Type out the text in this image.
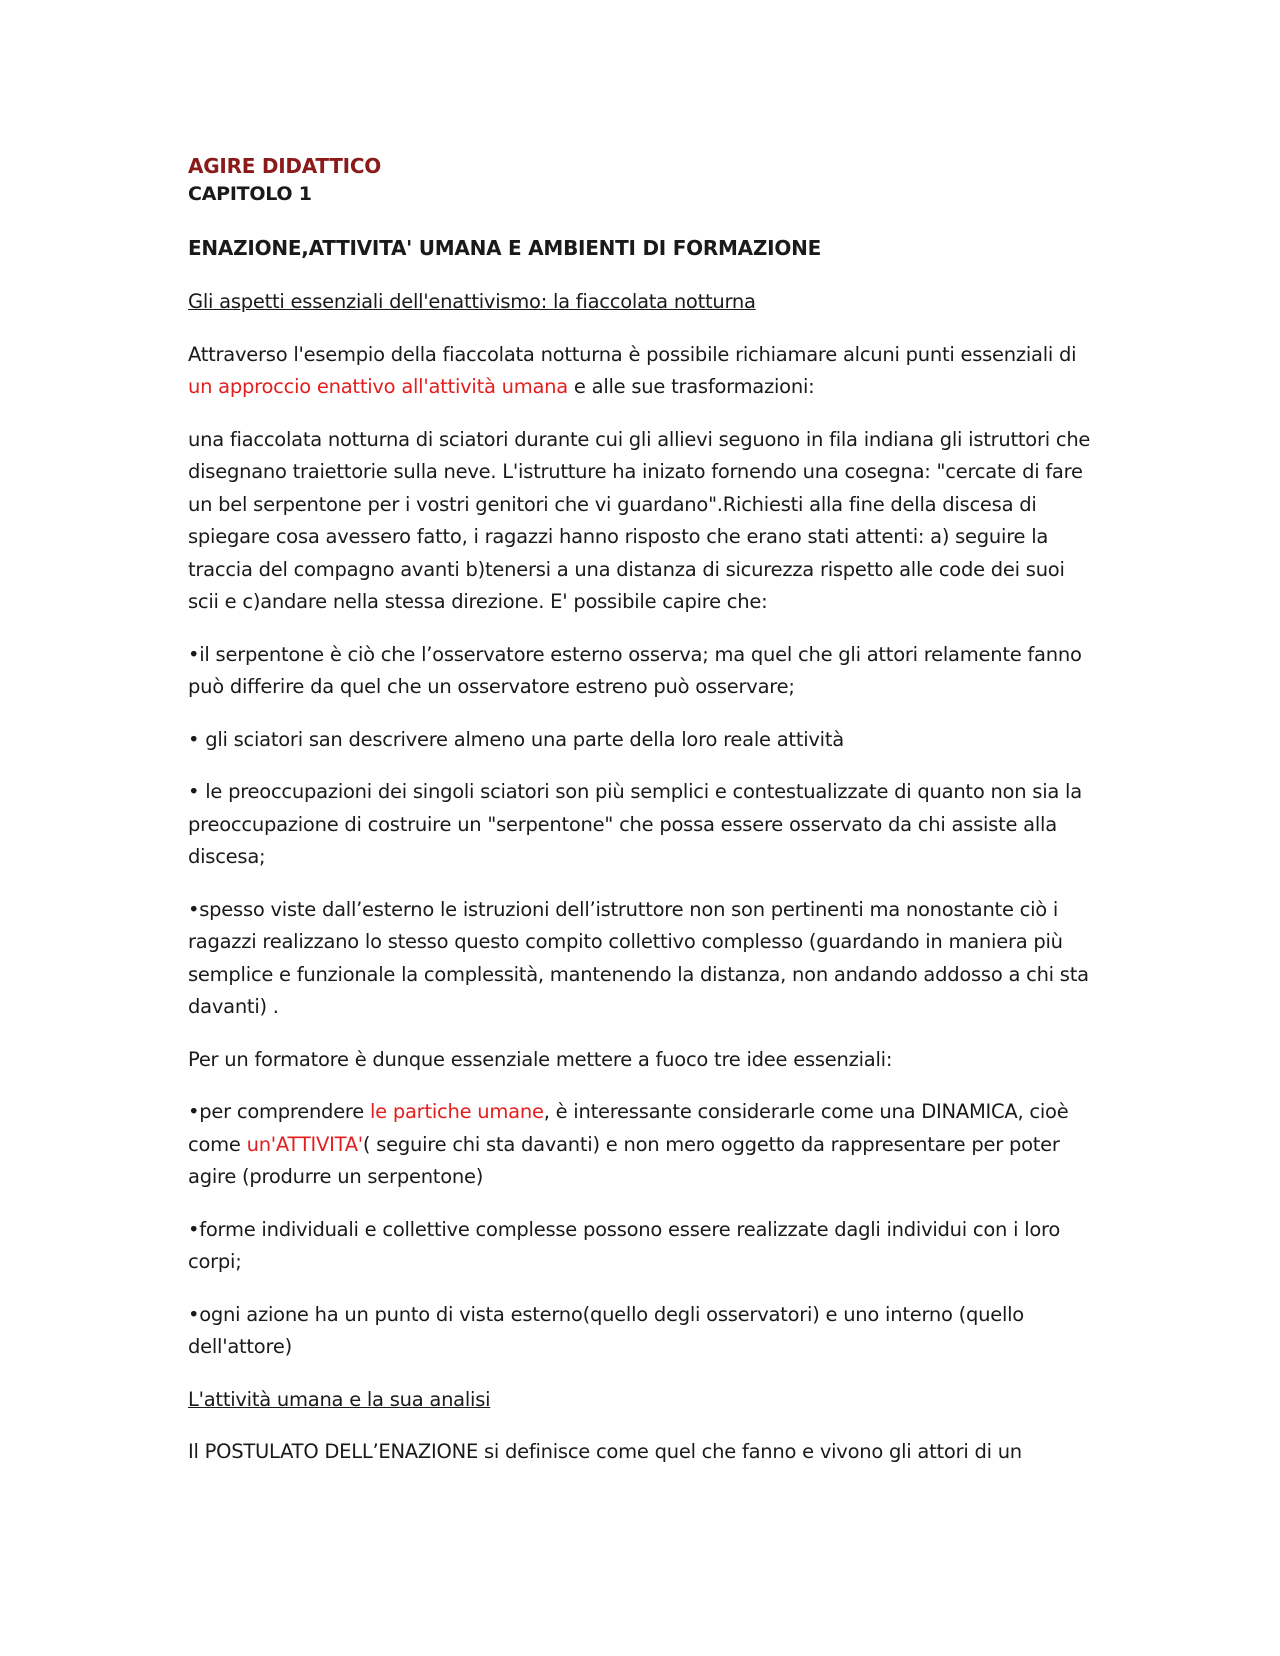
AGIRE DIDATTICO
CAPITOLO 1
ENAZIONE,ATTIVITA' UMANA E AMBIENTI DI FORMAZIONE
Gli aspetti essenziali dell'enattivismo: la fiaccolata notturna

Attraverso l'esempio della fiaccolata notturna è possibile richiamare alcuni punti essenziali di un approccio enattivo all'attività umana e alle sue trasformazioni:

una fiaccolata notturna di sciatori durante cui gli allievi seguono in fila indiana gli istruttori che disegnano traiettorie sulla neve. L'istrutture ha inizato fornendo una cosegna: "cercate di fare un bel serpentone per i vostri genitori che vi guardano".Richiesti alla fine della discesa di spiegare cosa avessero fatto, i ragazzi hanno risposto che erano stati attenti: a) seguire la traccia del compagno avanti b)tenersi a una distanza di sicurezza rispetto alle code dei suoi scii e c)andare nella stessa direzione. E' possibile capire che:

•il serpentone è ciò che l’osservatore esterno osserva; ma quel che gli attori relamente fanno può differire da quel che un osservatore estreno può osservare;

• gli sciatori san descrivere almeno una parte della loro reale attività

• le preoccupazioni dei singoli sciatori son più semplici e contestualizzate di quanto non sia la preoccupazione di costruire un "serpentone" che possa essere osservato da chi assiste alla discesa;

•spesso viste dall’esterno le istruzioni dell’istruttore non son pertinenti ma nonostante ciò i ragazzi realizzano lo stesso questo compito collettivo complesso (guardando in maniera più semplice e funzionale la complessità, mantenendo la distanza, non andando addosso a chi sta davanti) .

Per un formatore è dunque essenziale mettere a fuoco tre idee essenziali:

•per comprendere le partiche umane, è interessante considerarle come una DINAMICA, cioè come un'ATTIVITA'( seguire chi sta davanti) e non mero oggetto da rappresentare per poter agire (produrre un serpentone)

•forme individuali e collettive complesse possono essere realizzate dagli individui con i loro corpi;

•ogni azione ha un punto di vista esterno(quello degli osservatori) e uno interno (quello dell'attore)

L'attività umana e la sua analisi

Il POSTULATO DELL’ENAZIONE si definisce come quel che fanno e vivono gli attori di un
